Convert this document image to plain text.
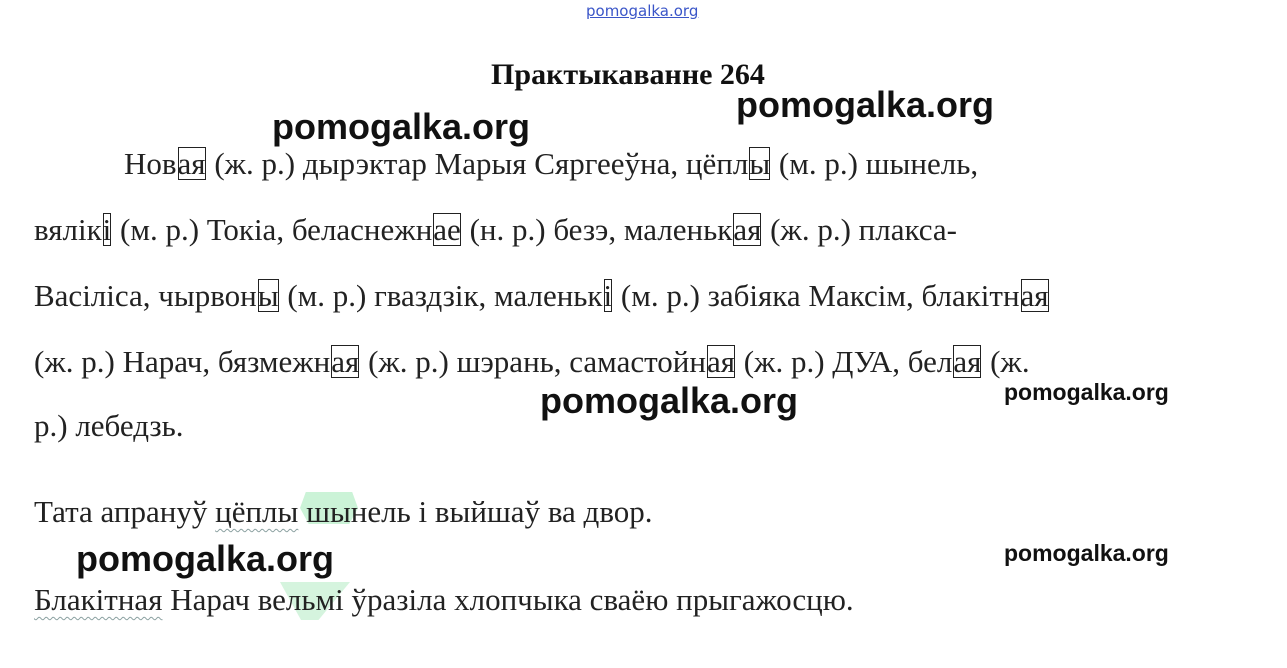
pomogalka.org
Практыкаванне 264
pomogalka.org
pomogalka.org
Новая (ж. р.) дырэктар Марыя Сяргееўна, цёплы (м. р.) шынель,
вялікі (м. р.) Токіа, беласнежнае (н. р.) безэ, маленькая (ж. р.) плакса-
Васіліса, чырвоны (м. р.) гваздзік, маленькі (м. р.) забіяка Максім, блакітная
(ж. р.) Нарач, бязмежная (ж. р.) шэрань, самастойная (ж. р.) ДУА, белая (ж.
pomogalka.org	pomogalka.org
р.) лебедзь.
Тата апрануў цёплы шынель і выйшаў ва двор.
pomogalka.org	pomogalka.org
Блакітная Нарач вельмі ўразіла хлопчыка сваёю прыгажосцю.
